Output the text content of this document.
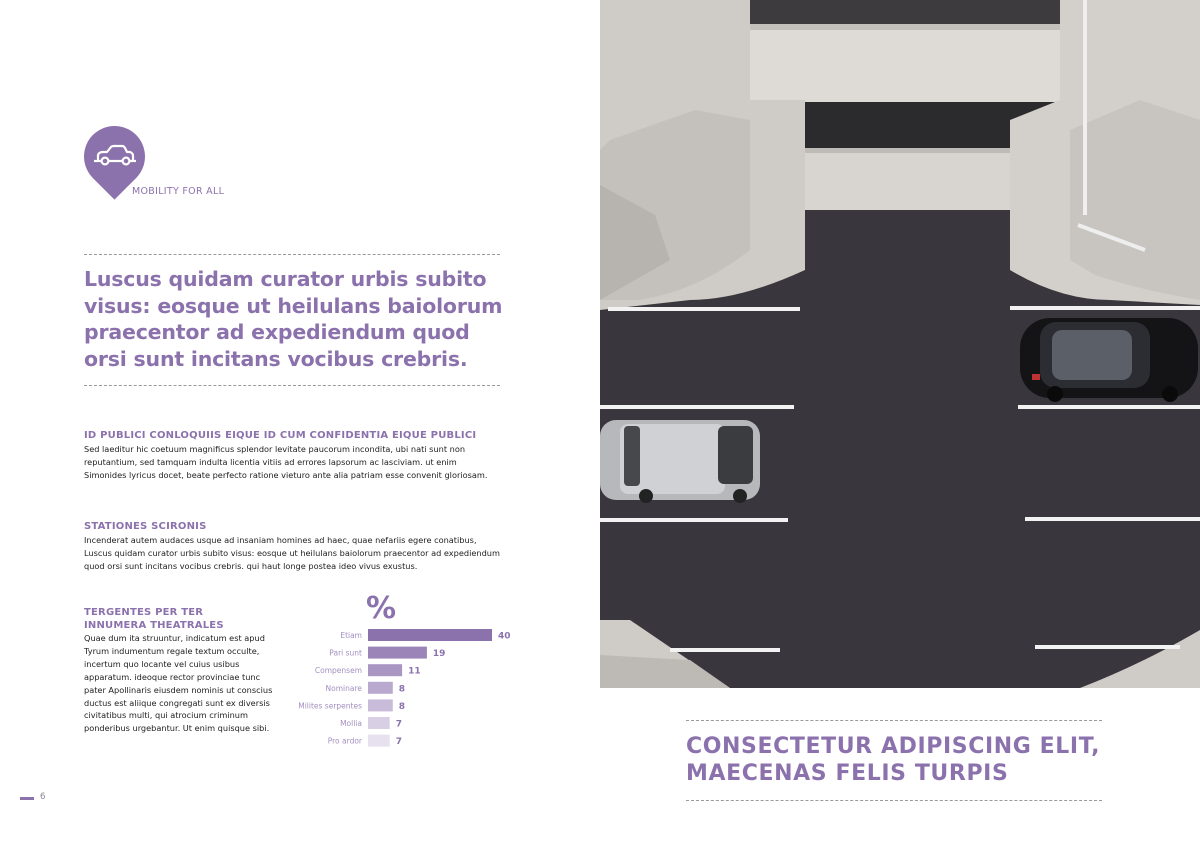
MOBILITY FOR ALL
Luscus quidam curator urbis subito visus: eosque ut heilulans baiolorum praecentor ad expediendum quod orsi sunt incitans vocibus crebris.
ID PUBLICI CONLOQUIIS EIQUE ID CUM CONFIDENTIA EIQUE PUBLICI

Sed laeditur hic coetuum magnificus splendor levitate paucorum incondita, ubi nati sunt non reputantium, sed tamquam indulta licentia vitiis ad errores lapsorum ac lasciviam. ut enim Simonides lyricus docet, beate perfecto ratione vieturo ante alia patriam esse convenit gloriosam.

STATIONES SCIRONIS

Incenderat autem audaces usque ad insaniam homines ad haec, quae nefariis egere conatibus, Luscus quidam curator urbis subito visus: eosque ut heilulans baiolorum praecentor ad expediendum quod orsi sunt incitans vocibus crebris. qui haut longe postea ideo vivus exustus.

TERGENTES PER TER
INNUMERA THEATRALES

Quae dum ita struuntur, indicatum est apud Tyrum indumentum regale textum occulte, incertum quo locante vel cuius usibus apparatum. ideoque rector provinciae tunc pater Apollinaris eiusdem nominis ut conscius ductus est aliique congregati sunt ex diversis civitatibus multi, qui atrocium criminum ponderibus urgebantur. Ut enim quisque sibi.

%
Etiam	40
Pari sunt	19
Compensem	11
Nominare	8
Milites serpentes	8
Mollia	7
Pro ardor	7
6
CONSECTETUR ADIPISCING ELIT,
MAECENAS FELIS TURPIS
